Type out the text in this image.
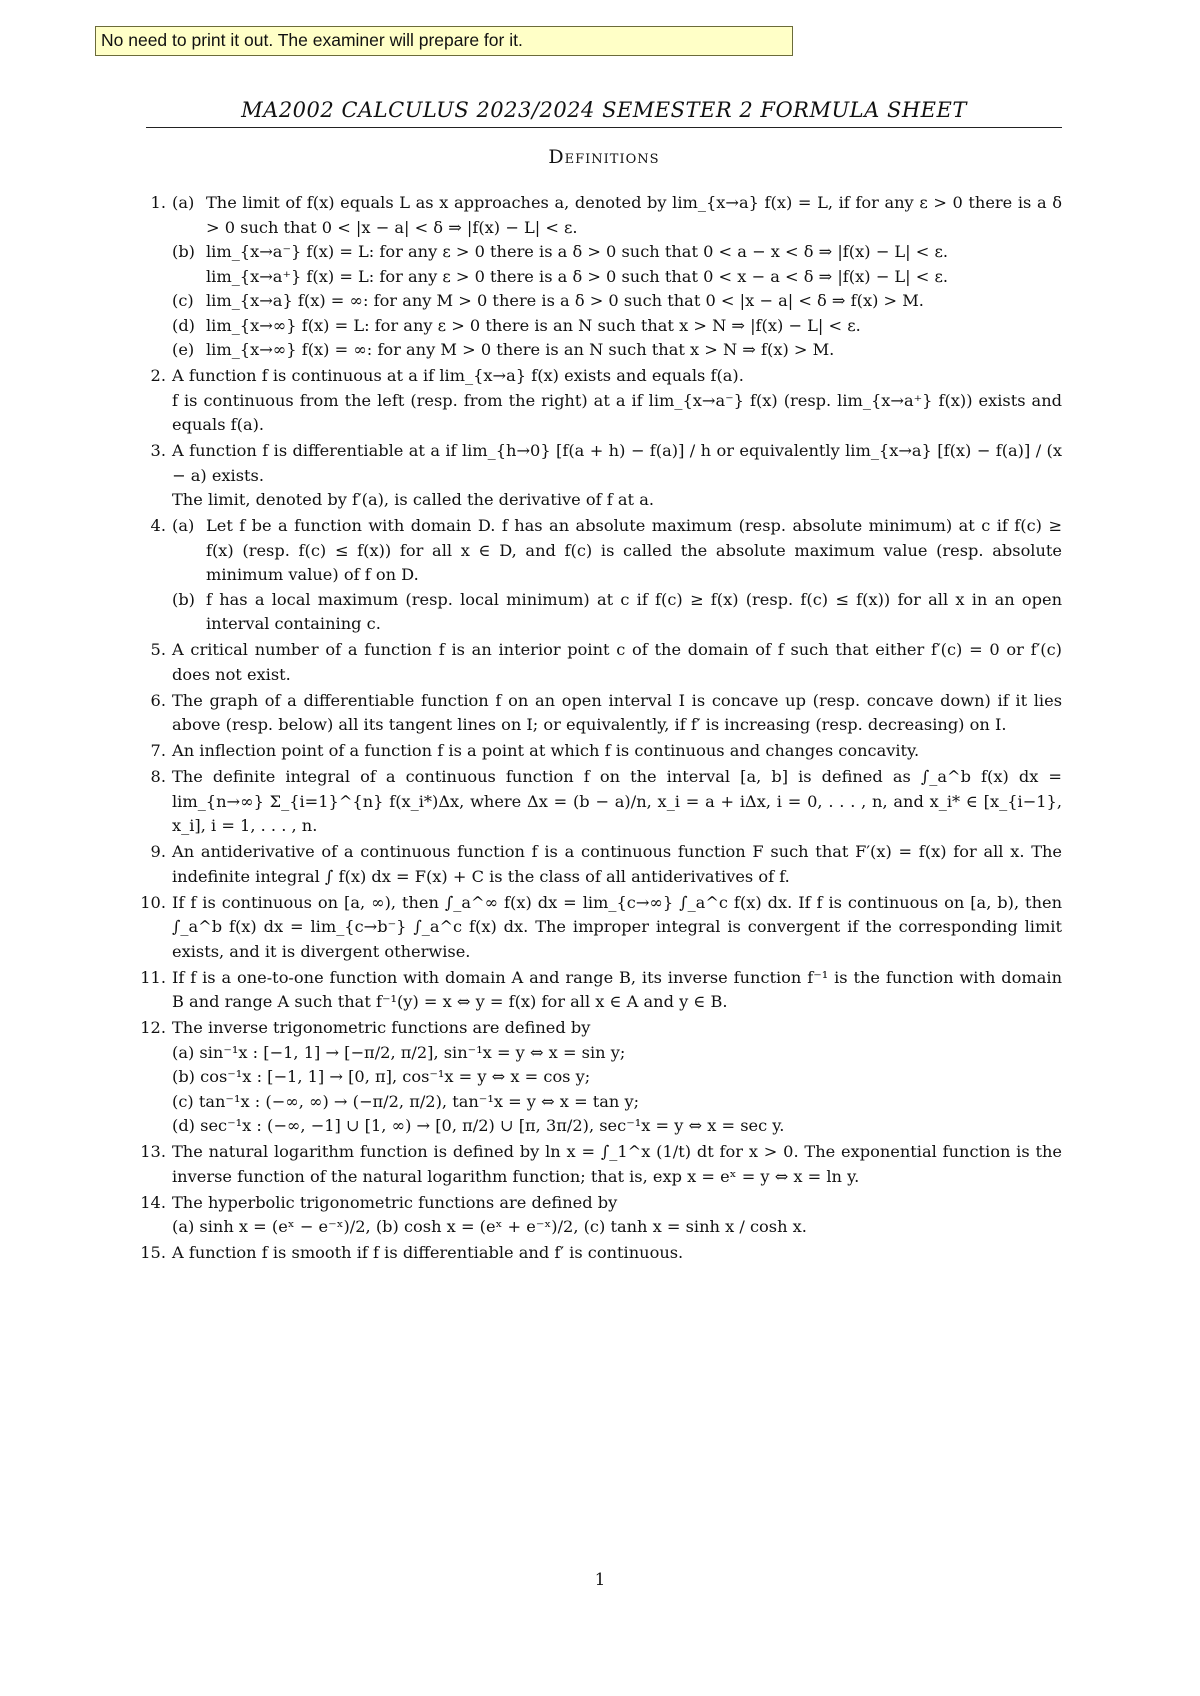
No need to print it out. The examiner will prepare for it.
MA2002 CALCULUS 2023/2024 SEMESTER 2 FORMULA SHEET
Definitions
1. (a) The limit of f(x) equals L as x approaches a, denoted by lim_{x→a} f(x) = L, if for any ε > 0 there is a δ > 0 such that 0 < |x − a| < δ ⇒ |f(x) − L| < ε.
(b) lim_{x→a⁻} f(x) = L: for any ε > 0 there is a δ > 0 such that 0 < a − x < δ ⇒ |f(x) − L| < ε.
lim_{x→a⁺} f(x) = L: for any ε > 0 there is a δ > 0 such that 0 < x − a < δ ⇒ |f(x) − L| < ε.
(c) lim_{x→a} f(x) = ∞: for any M > 0 there is a δ > 0 such that 0 < |x − a| < δ ⇒ f(x) > M.
(d) lim_{x→∞} f(x) = L: for any ε > 0 there is an N such that x > N ⇒ |f(x) − L| < ε.
(e) lim_{x→∞} f(x) = ∞: for any M > 0 there is an N such that x > N ⇒ f(x) > M.
2. A function f is continuous at a if lim_{x→a} f(x) exists and equals f(a).
f is continuous from the left (resp. from the right) at a if lim_{x→a⁻} f(x) (resp. lim_{x→a⁺} f(x)) exists and equals f(a).
3. A function f is differentiable at a if lim_{h→0} [f(a + h) − f(a)] / h or equivalently lim_{x→a} [f(x) − f(a)] / (x − a) exists.
The limit, denoted by f′(a), is called the derivative of f at a.
4. (a) Let f be a function with domain D. f has an absolute maximum (resp. absolute minimum) at c if f(c) ≥ f(x) (resp. f(c) ≤ f(x)) for all x ∈ D, and f(c) is called the absolute maximum value (resp. absolute minimum value) of f on D.
(b) f has a local maximum (resp. local minimum) at c if f(c) ≥ f(x) (resp. f(c) ≤ f(x)) for all x in an open interval containing c.
5. A critical number of a function f is an interior point c of the domain of f such that either f′(c) = 0 or f′(c) does not exist.
6. The graph of a differentiable function f on an open interval I is concave up (resp. concave down) if it lies above (resp. below) all its tangent lines on I; or equivalently, if f′ is increasing (resp. decreasing) on I.
7. An inflection point of a function f is a point at which f is continuous and changes concavity.
8. The definite integral of a continuous function f on the interval [a, b] is defined as ∫_a^b f(x) dx = lim_{n→∞} Σ_{i=1}^{n} f(x_i*)Δx, where Δx = (b − a)/n, x_i = a + iΔx, i = 0, . . . , n, and x_i* ∈ [x_{i−1}, x_i], i = 1, . . . , n.
9. An antiderivative of a continuous function f is a continuous function F such that F′(x) = f(x) for all x. The indefinite integral ∫ f(x) dx = F(x) + C is the class of all antiderivatives of f.
10. If f is continuous on [a, ∞), then ∫_a^∞ f(x) dx = lim_{c→∞} ∫_a^c f(x) dx. If f is continuous on [a, b), then ∫_a^b f(x) dx = lim_{c→b⁻} ∫_a^c f(x) dx. The improper integral is convergent if the corresponding limit exists, and it is divergent otherwise.
11. If f is a one-to-one function with domain A and range B, its inverse function f⁻¹ is the function with domain B and range A such that f⁻¹(y) = x ⇔ y = f(x) for all x ∈ A and y ∈ B.
12. The inverse trigonometric functions are defined by
(a) sin⁻¹x : [−1, 1] → [−π/2, π/2], sin⁻¹x = y ⇔ x = sin y;
(b) cos⁻¹x : [−1, 1] → [0, π], cos⁻¹x = y ⇔ x = cos y;
(c) tan⁻¹x : (−∞, ∞) → (−π/2, π/2), tan⁻¹x = y ⇔ x = tan y;
(d) sec⁻¹x : (−∞, −1] ∪ [1, ∞) → [0, π/2) ∪ [π, 3π/2), sec⁻¹x = y ⇔ x = sec y.
13. The natural logarithm function is defined by ln x = ∫_1^x (1/t) dt for x > 0. The exponential function is the inverse function of the natural logarithm function; that is, exp x = eˣ = y ⇔ x = ln y.
14. The hyperbolic trigonometric functions are defined by
(a) sinh x = (eˣ − e⁻ˣ)/2, (b) cosh x = (eˣ + e⁻ˣ)/2, (c) tanh x = sinh x / cosh x.
15. A function f is smooth if f is differentiable and f′ is continuous.
1
